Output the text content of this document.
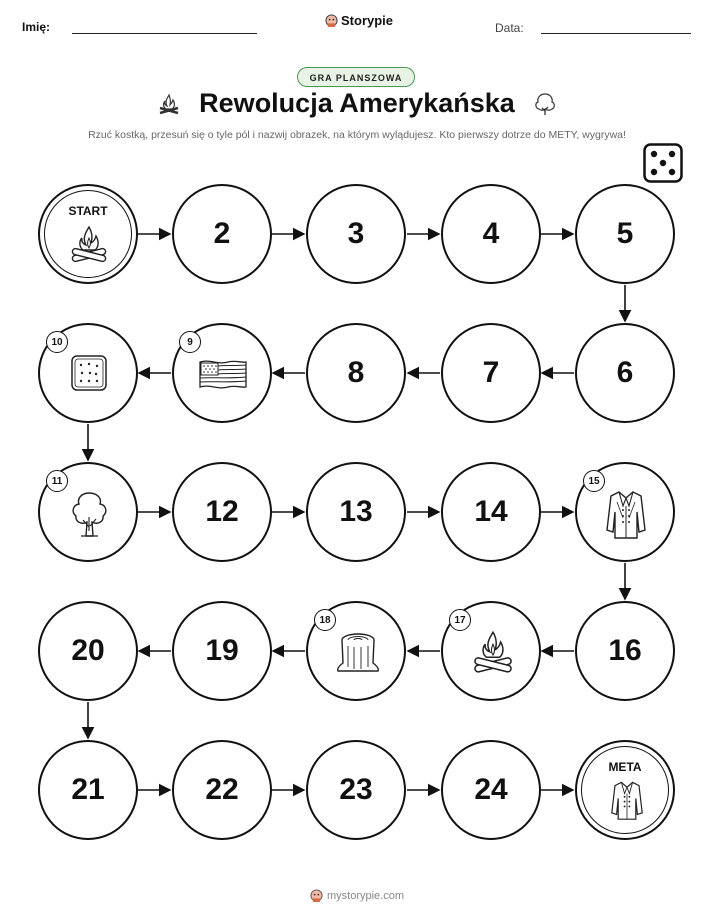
Imię:	Storypie	Data:
GRA PLANSZOWA
Rewolucja Amerykańska
Rzuć kostką, przesuń się o tyle pól i nazwij obrazek, na którym wylądujesz. Kto pierwszy dotrze do METY, wygrywa!
START
2	3	4	5
10	9
8	7	6
11
12	13	14
15
20	19
18	17
16
21	22	23	24
META
mystorypie.com
